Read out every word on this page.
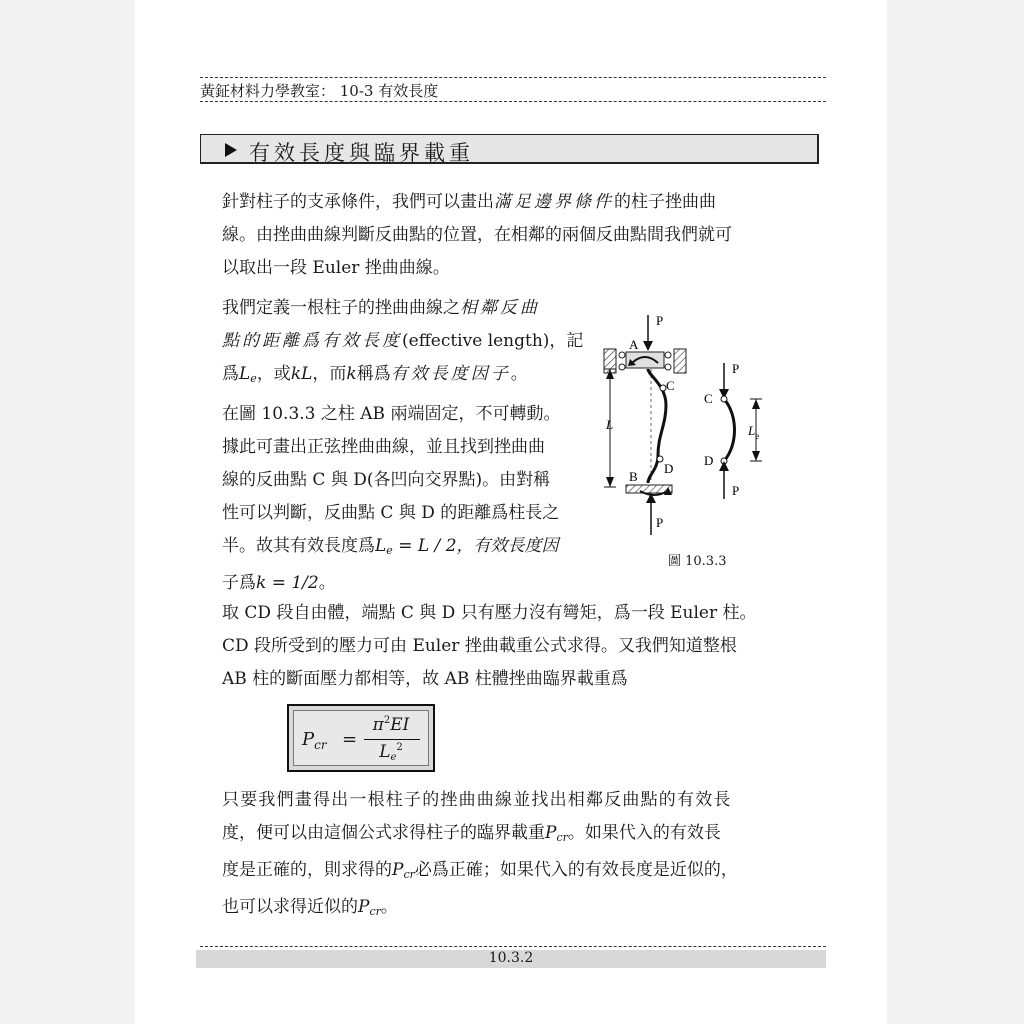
黃鉦材料力學教室： 10-3 有效長度
有效長度與臨界載重
針對柱子的支承條件，我們可以畫出滿足邊界條件的柱子挫曲曲
線。由挫曲曲線判斷反曲點的位置，在相鄰的兩個反曲點間我們就可
以取出一段 Euler 挫曲曲線。
我們定義一根柱子的挫曲曲線之相鄰反曲
點的距離爲有效長度(effective length)，記
爲$L_e$，或kL，而k稱爲有效長度因子。
在圖 10.3.3 之柱 AB 兩端固定，不可轉動。
據此可畫出正弦挫曲曲線，並且找到挫曲曲
線的反曲點 C 與 D(各凹向交界點)。由對稱
性可以判斷，反曲點 C 與 D 的距離爲柱長之
半。故其有效長度爲$L_e = L / 2$，有效長度因
子爲k = 1/2。
P
A
C
D
L
B
P
P
C
D
P
$L_e$
圖 10.3.3
取 CD 段自由體，端點 C 與 D 只有壓力沒有彎矩，爲一段 Euler 柱。
CD 段所受到的壓力可由 Euler 挫曲載重公式求得。又我們知道整根
AB 柱的斷面壓力都相等，故 AB 柱體挫曲臨界載重爲
$P_{cr}$ =
$\pi^2EI$
Le$^2$
只要我們畫得出一根柱子的挫曲曲線並找出相鄰反曲點的有效長
度，便可以由這個公式求得柱子的臨界載重$P_{cr}$。如果代入的有效長
度是正確的，則求得的$P_{cr}$必爲正確；如果代入的有效長度是近似的，
也可以求得近似的$P_{cr}$。
10.3.2
